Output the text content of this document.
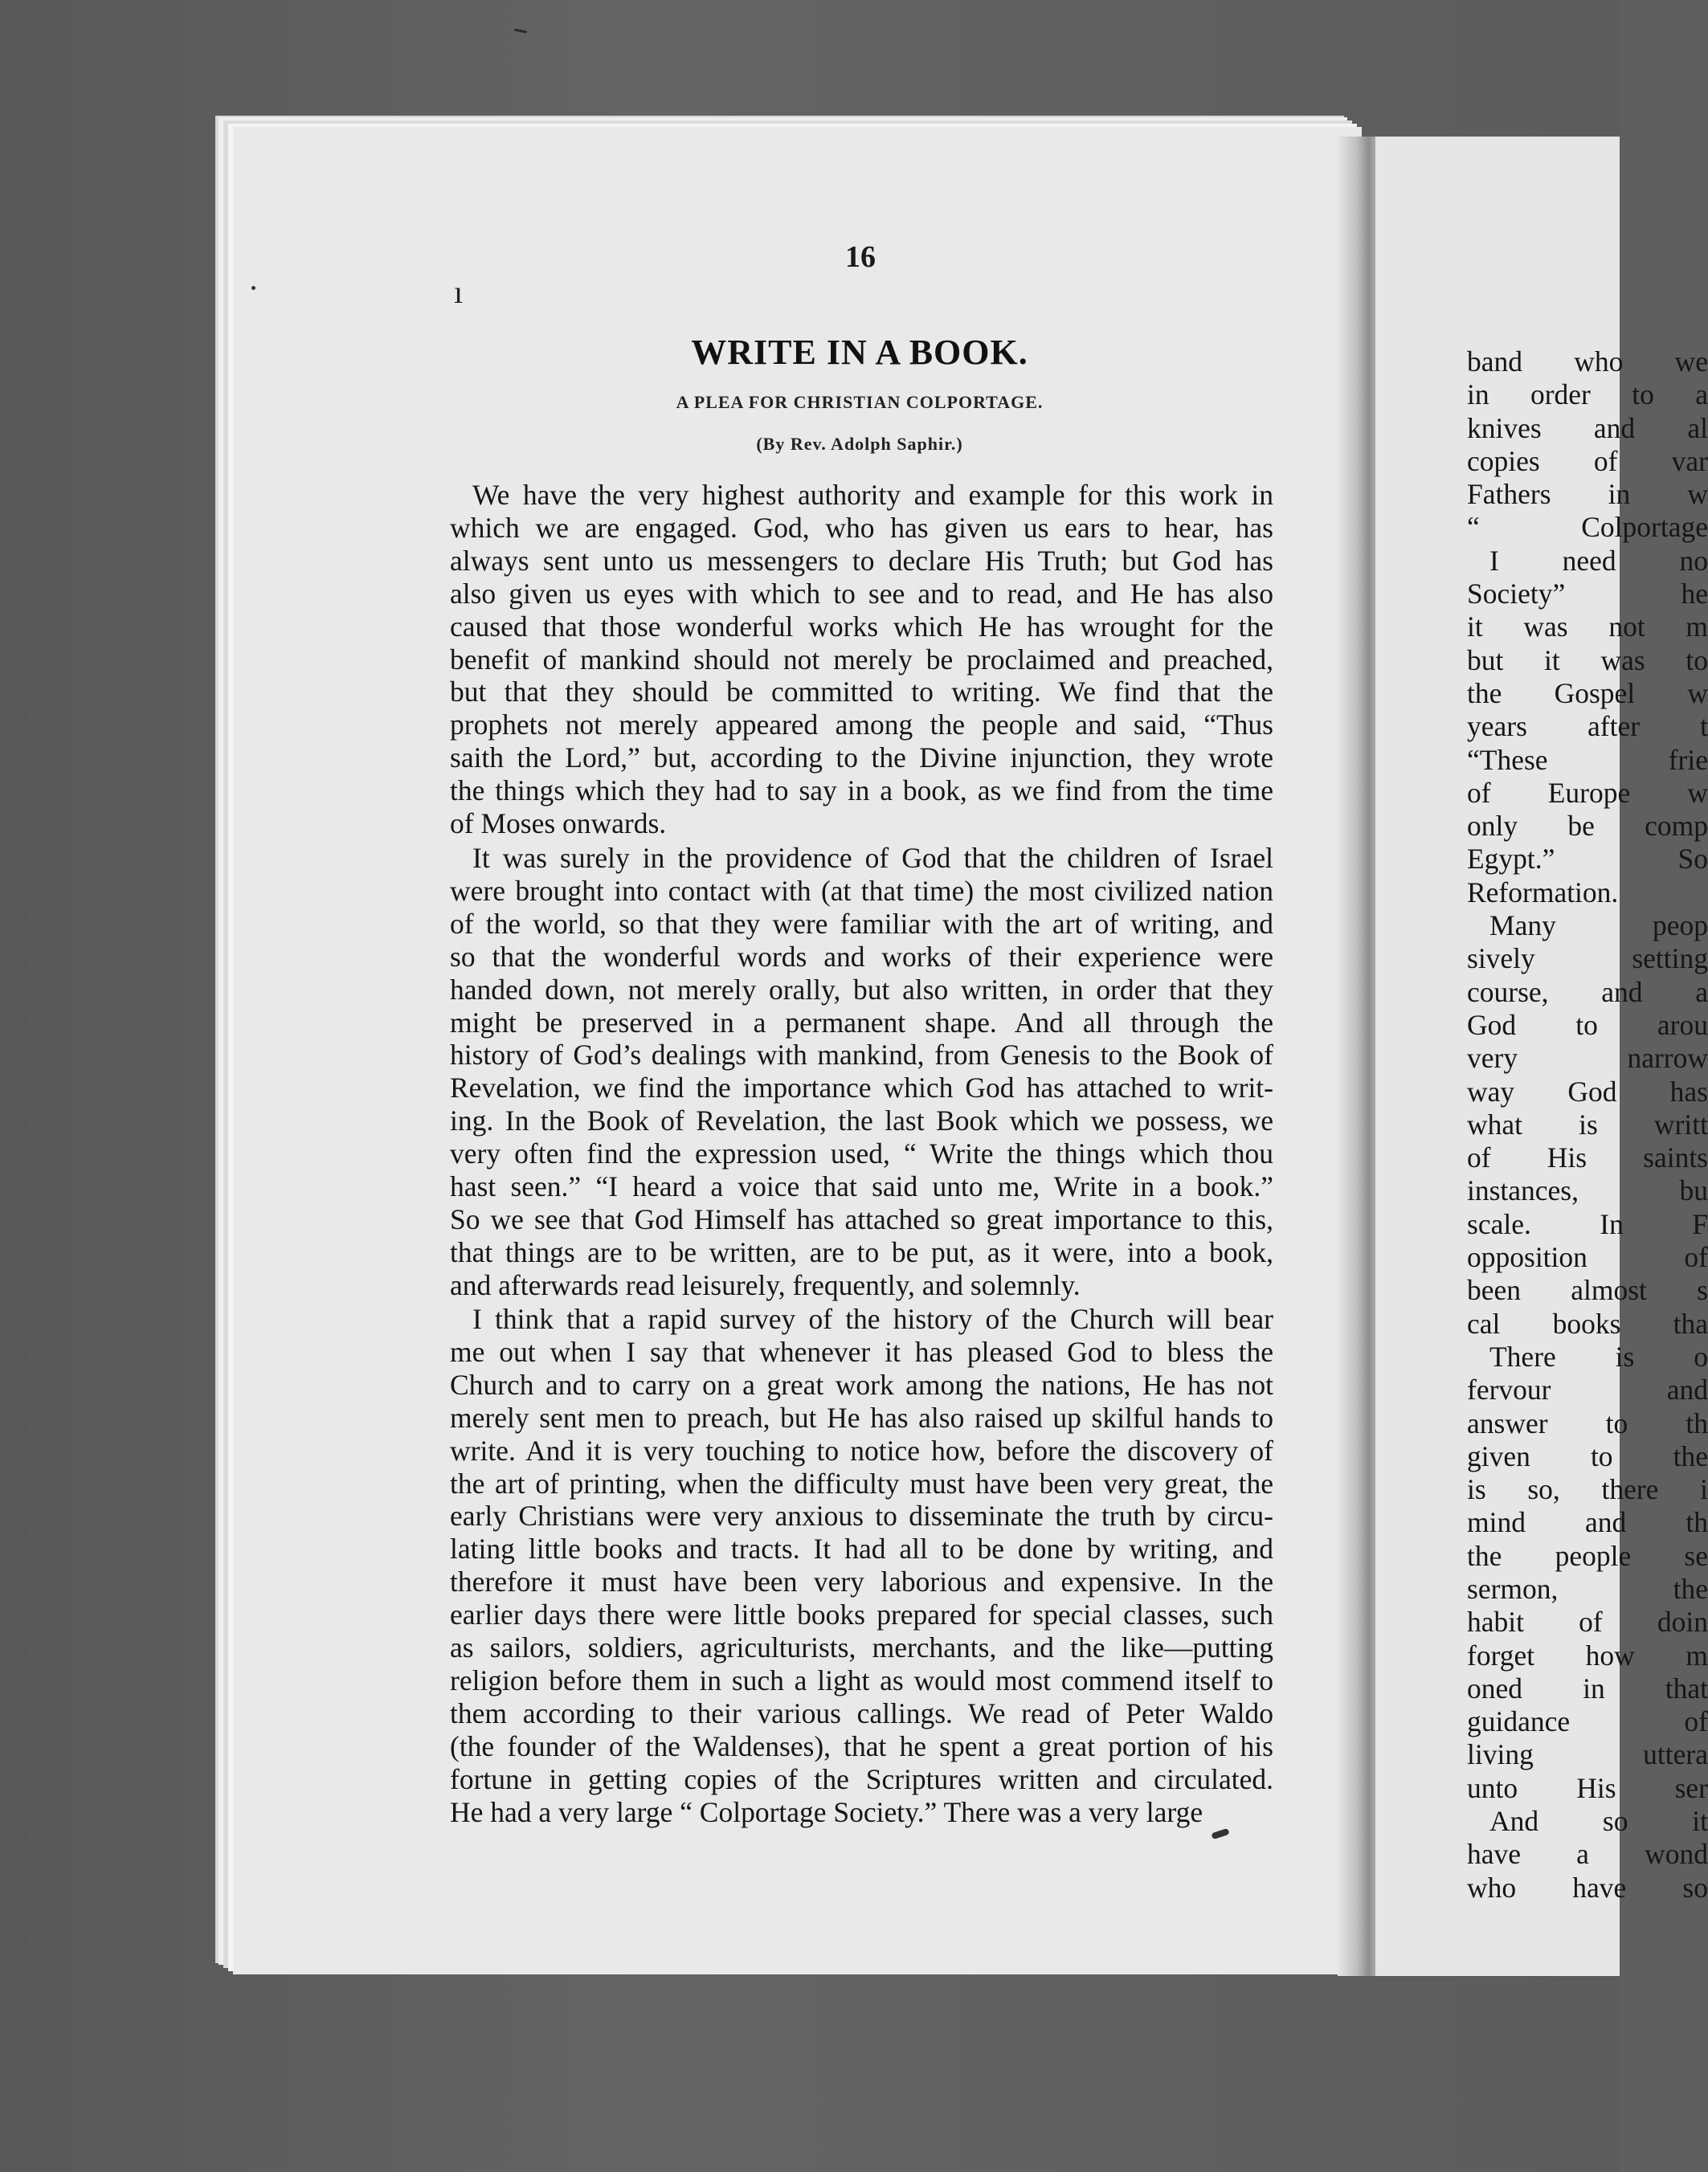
16
ı
WRITE IN A BOOK.
A PLEA FOR CHRISTIAN COLPORTAGE.
(By Rev. Adolph Saphir.)
We have the very highest authority and example for this work in
which we are engaged. God, who has given us ears to hear, has
always sent unto us messengers to declare His Truth; but God has
also given us eyes with which to see and to read, and He has also
caused that those wonderful works which He has wrought for the
benefit of mankind should not merely be proclaimed and preached,
but that they should be committed to writing. We find that the
prophets not merely appeared among the people and said, “Thus
saith the Lord,” but, according to the Divine injunction, they wrote
the things which they had to say in a book, as we find from the time
of Moses onwards.
It was surely in the providence of God that the children of Israel
were brought into contact with (at that time) the most civilized nation
of the world, so that they were familiar with the art of writing, and
so that the wonderful words and works of their experience were
handed down, not merely orally, but also written, in order that they
might be preserved in a permanent shape. And all through the
history of God’s dealings with mankind, from Genesis to the Book of
Revelation, we find the importance which God has attached to writ-
ing. In the Book of Revelation, the last Book which we possess, we
very often find the expression used, “ Write the things which thou
hast seen.” “I heard a voice that said unto me, Write in a book.”
So we see that God Himself has attached so great importance to this,
that things are to be written, are to be put, as it were, into a book,
and afterwards read leisurely, frequently, and solemnly.
I think that a rapid survey of the history of the Church will bear
me out when I say that whenever it has pleased God to bless the
Church and to carry on a great work among the nations, He has not
merely sent men to preach, but He has also raised up skilful hands to
write. And it is very touching to notice how, before the discovery of
the art of printing, when the difficulty must have been very great, the
early Christians were very anxious to disseminate the truth by circu-
lating little books and tracts. It had all to be done by writing, and
therefore it must have been very laborious and expensive. In the
earlier days there were little books prepared for special classes, such
as sailors, soldiers, agriculturists, merchants, and the like—putting
religion before them in such a light as would most commend itself to
them according to their various callings. We read of Peter Waldo
(the founder of the Waldenses), that he spent a great portion of his
fortune in getting copies of the Scriptures written and circulated.
He had a very large “ Colportage Society.” There was a very large
band who we
in order to a
knives and al
copies of var
Fathers in w
“ Colportage
I need no
Society” he
it was not m
but it was to
the Gospel w
years after t
“These frie
of Europe w
only be comp
Egypt.” So
Reformation.
Many peop
sively setting
course, and a
God to arou
very narrow
way God has
what is writt
of His saints
instances, bu
scale. In F
opposition of
been almost s
cal books tha
There is o
fervour and
answer to th
given to the
is so, there i
mind and th
the people se
sermon, the
habit of doin
forget how m
oned in that
guidance of
living uttera
unto His ser
And so it
have a wond
who have so
